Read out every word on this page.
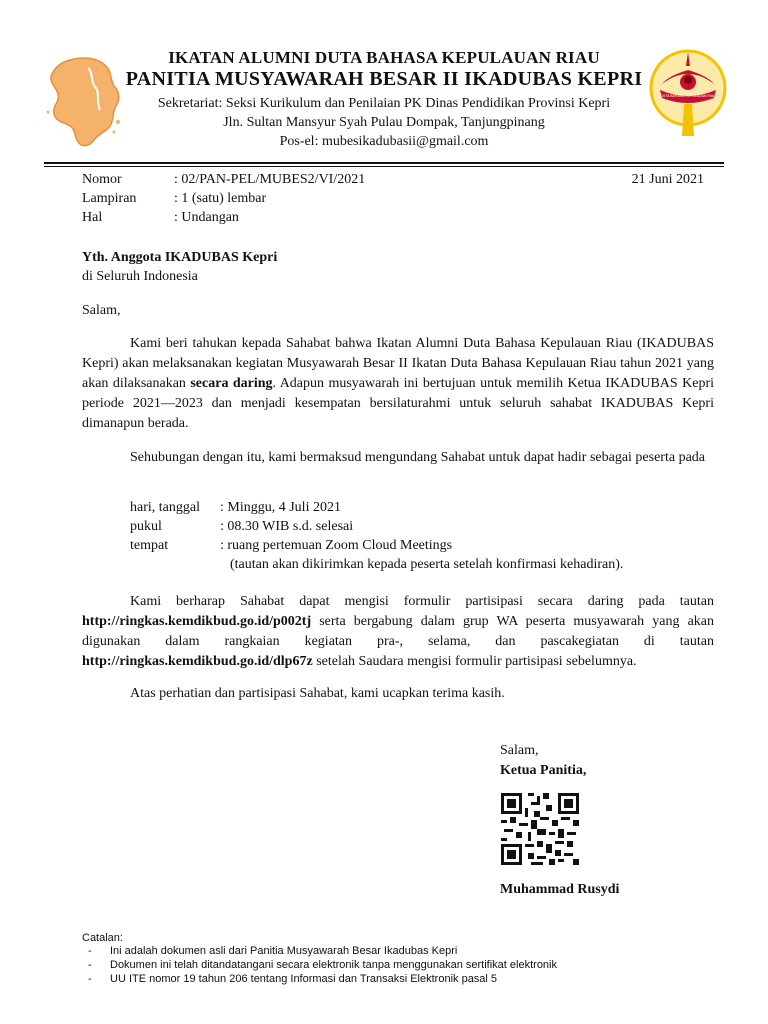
IKATAN ALUMNI DUTA BAHASA KEPULAUAN RIAU
PANITIA MUSYAWARAH BESAR II IKADUBAS KEPRI
Sekretariat: Seksi Kurikulum dan Penilaian PK Dinas Pendidikan Provinsi Kepri
Jln. Sultan Mansyur Syah Pulau Dompak, Tanjungpinang
Pos-el: mubesikadubasii@gmail.com
DUTA BAHASA KEPULAUAN RIAU
Nomor	: 02/PAN-PEL/MUBES2/VI/2021	21 Juni 2021
Lampiran	: 1 (satu) lembar
Hal	: Undangan
Yth. Anggota IKADUBAS Kepri
di Seluruh Indonesia
Salam,
Kami beri tahukan kepada Sahabat bahwa Ikatan Alumni Duta Bahasa Kepulauan Riau (IKADUBAS Kepri) akan melaksanakan kegiatan Musyawarah Besar II Ikatan Duta Bahasa Kepulauan Riau tahun 2021 yang akan dilaksanakan secara daring. Adapun musyawarah ini bertujuan untuk memilih Ketua IKADUBAS Kepri periode 2021—2023 dan menjadi kesempatan bersilaturahmi untuk seluruh sahabat IKADUBAS Kepri dimanapun berada.
Sehubungan dengan itu, kami bermaksud mengundang Sahabat untuk dapat hadir sebagai peserta pada
hari, tanggal : Minggu, 4 Juli 2021
pukul	: 08.30 WIB s.d. selesai
tempat	: ruang pertemuan Zoom Cloud Meetings
(tautan akan dikirimkan kepada peserta setelah konfirmasi kehadiran).
Kami berharap Sahabat dapat mengisi formulir partisipasi secara daring pada tautan http://ringkas.kemdikbud.go.id/p002tj serta bergabung dalam grup WA peserta musyawarah yang akan digunakan dalam rangkaian kegiatan pra-, selama, dan pascakegiatan di tautan http://ringkas.kemdikbud.go.id/dlp67z setelah Saudara mengisi formulir partisipasi sebelumnya.
Atas perhatian dan partisipasi Sahabat, kami ucapkan terima kasih.
Salam,
Ketua Panitia,
Muhammad Rusydi
Catalan:
- Ini adalah dokumen asli dari Panitia Musyawarah Besar Ikadubas Kepri
- Dokumen ini telah ditandatangani secara elektronik tanpa menggunakan sertifikat elektronik
- UU ITE nomor 19 tahun 206 tentang Informasi dan Transaksi Elektronik pasal 5
